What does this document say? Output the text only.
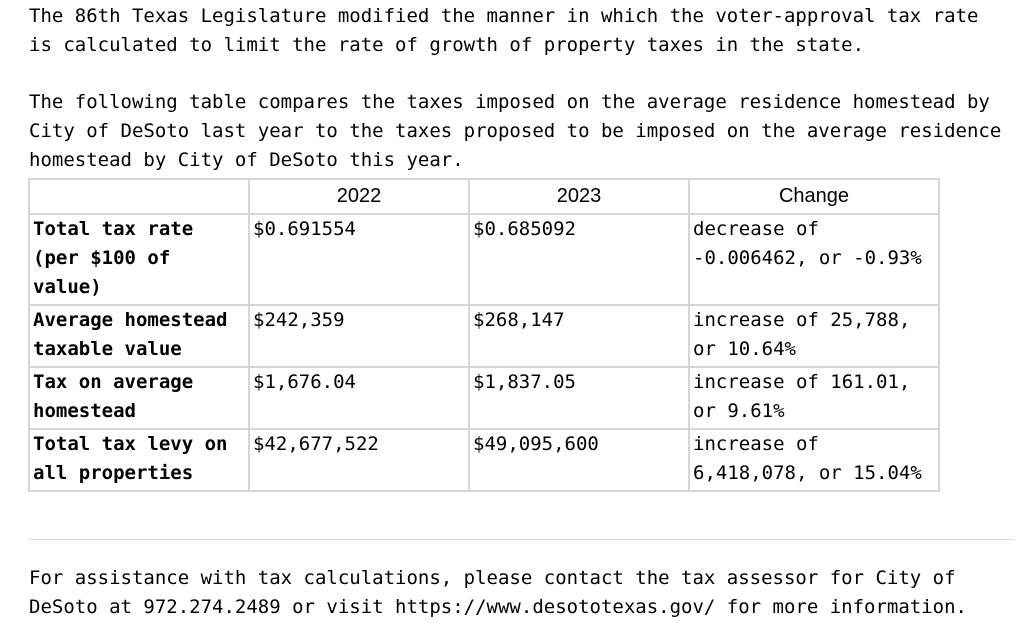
The 86th Texas Legislature modified the manner in which the voter-approval tax rate is calculated to limit the rate of growth of property taxes in the state.

The following table compares the taxes imposed on the average residence homestead by City of DeSoto last year to the taxes proposed to be imposed on the average residence homestead by City of DeSoto this year.

	2022	2023	Change
Total tax rate (per $100 of value)	$0.691554	$0.685092	decrease of -0.006462, or -0.93%
Average homestead taxable value	$242,359	$268,147	increase of 25,788, or 10.64%
Tax on average homestead	$1,676.04	$1,837.05	increase of 161.01, or 9.61%
Total tax levy on all properties	$42,677,522	$49,095,600	increase of 6,418,078, or 15.04%

For assistance with tax calculations, please contact the tax assessor for City of DeSoto at 972.274.2489 or visit https://www.desototexas.gov/ for more information.
